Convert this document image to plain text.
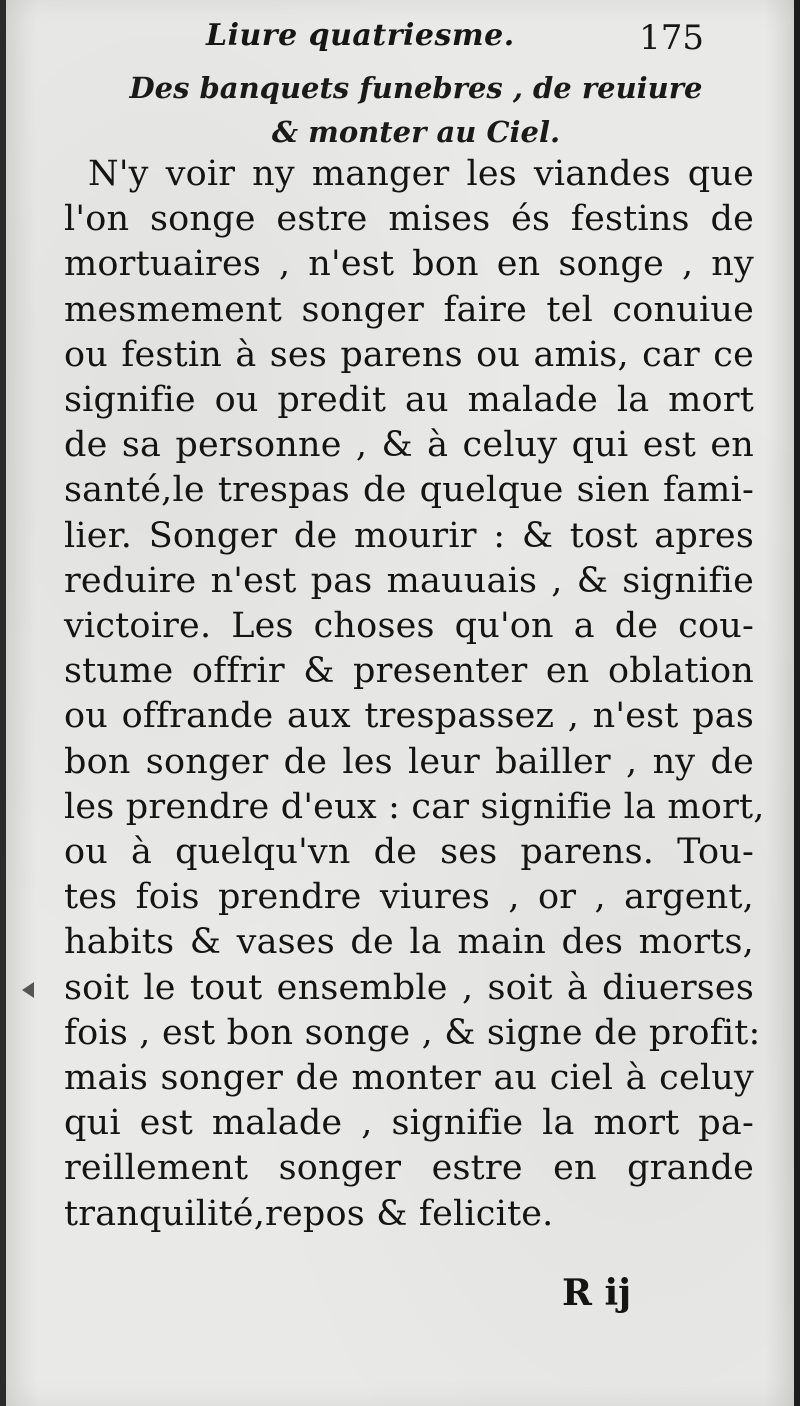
Liure quatriesme.	175
Des banquets funebres , de reuiure
& monter au Ciel.
N'y voir ny manger les viandes que
l'on songe estre mises és festins de
mortuaires , n'est bon en songe , ny
mesmement songer faire tel conuiue
ou festin à ses parens ou amis, car ce
signifie ou predit au malade la mort
de sa personne , & à celuy qui est en
santé,le trespas de quelque sien fami-
lier. Songer de mourir : & tost apres
reduire n'est pas mauuais , & signifie
victoire. Les choses qu'on a de cou-
stume offrir & presenter en oblation
ou offrande aux trespassez , n'est pas
bon songer de les leur bailler , ny de
les prendre d'eux : car signifie la mort,
ou à quelqu'vn de ses parens. Tou-
tes fois prendre viures , or , argent,
habits & vases de la main des morts,
soit le tout ensemble , soit à diuerses
fois , est bon songe , & signe de profit:
mais songer de monter au ciel à celuy
qui est malade , signifie la mort pa-
reillement songer estre en grande
tranquilité,repos & felicite.
R ij
